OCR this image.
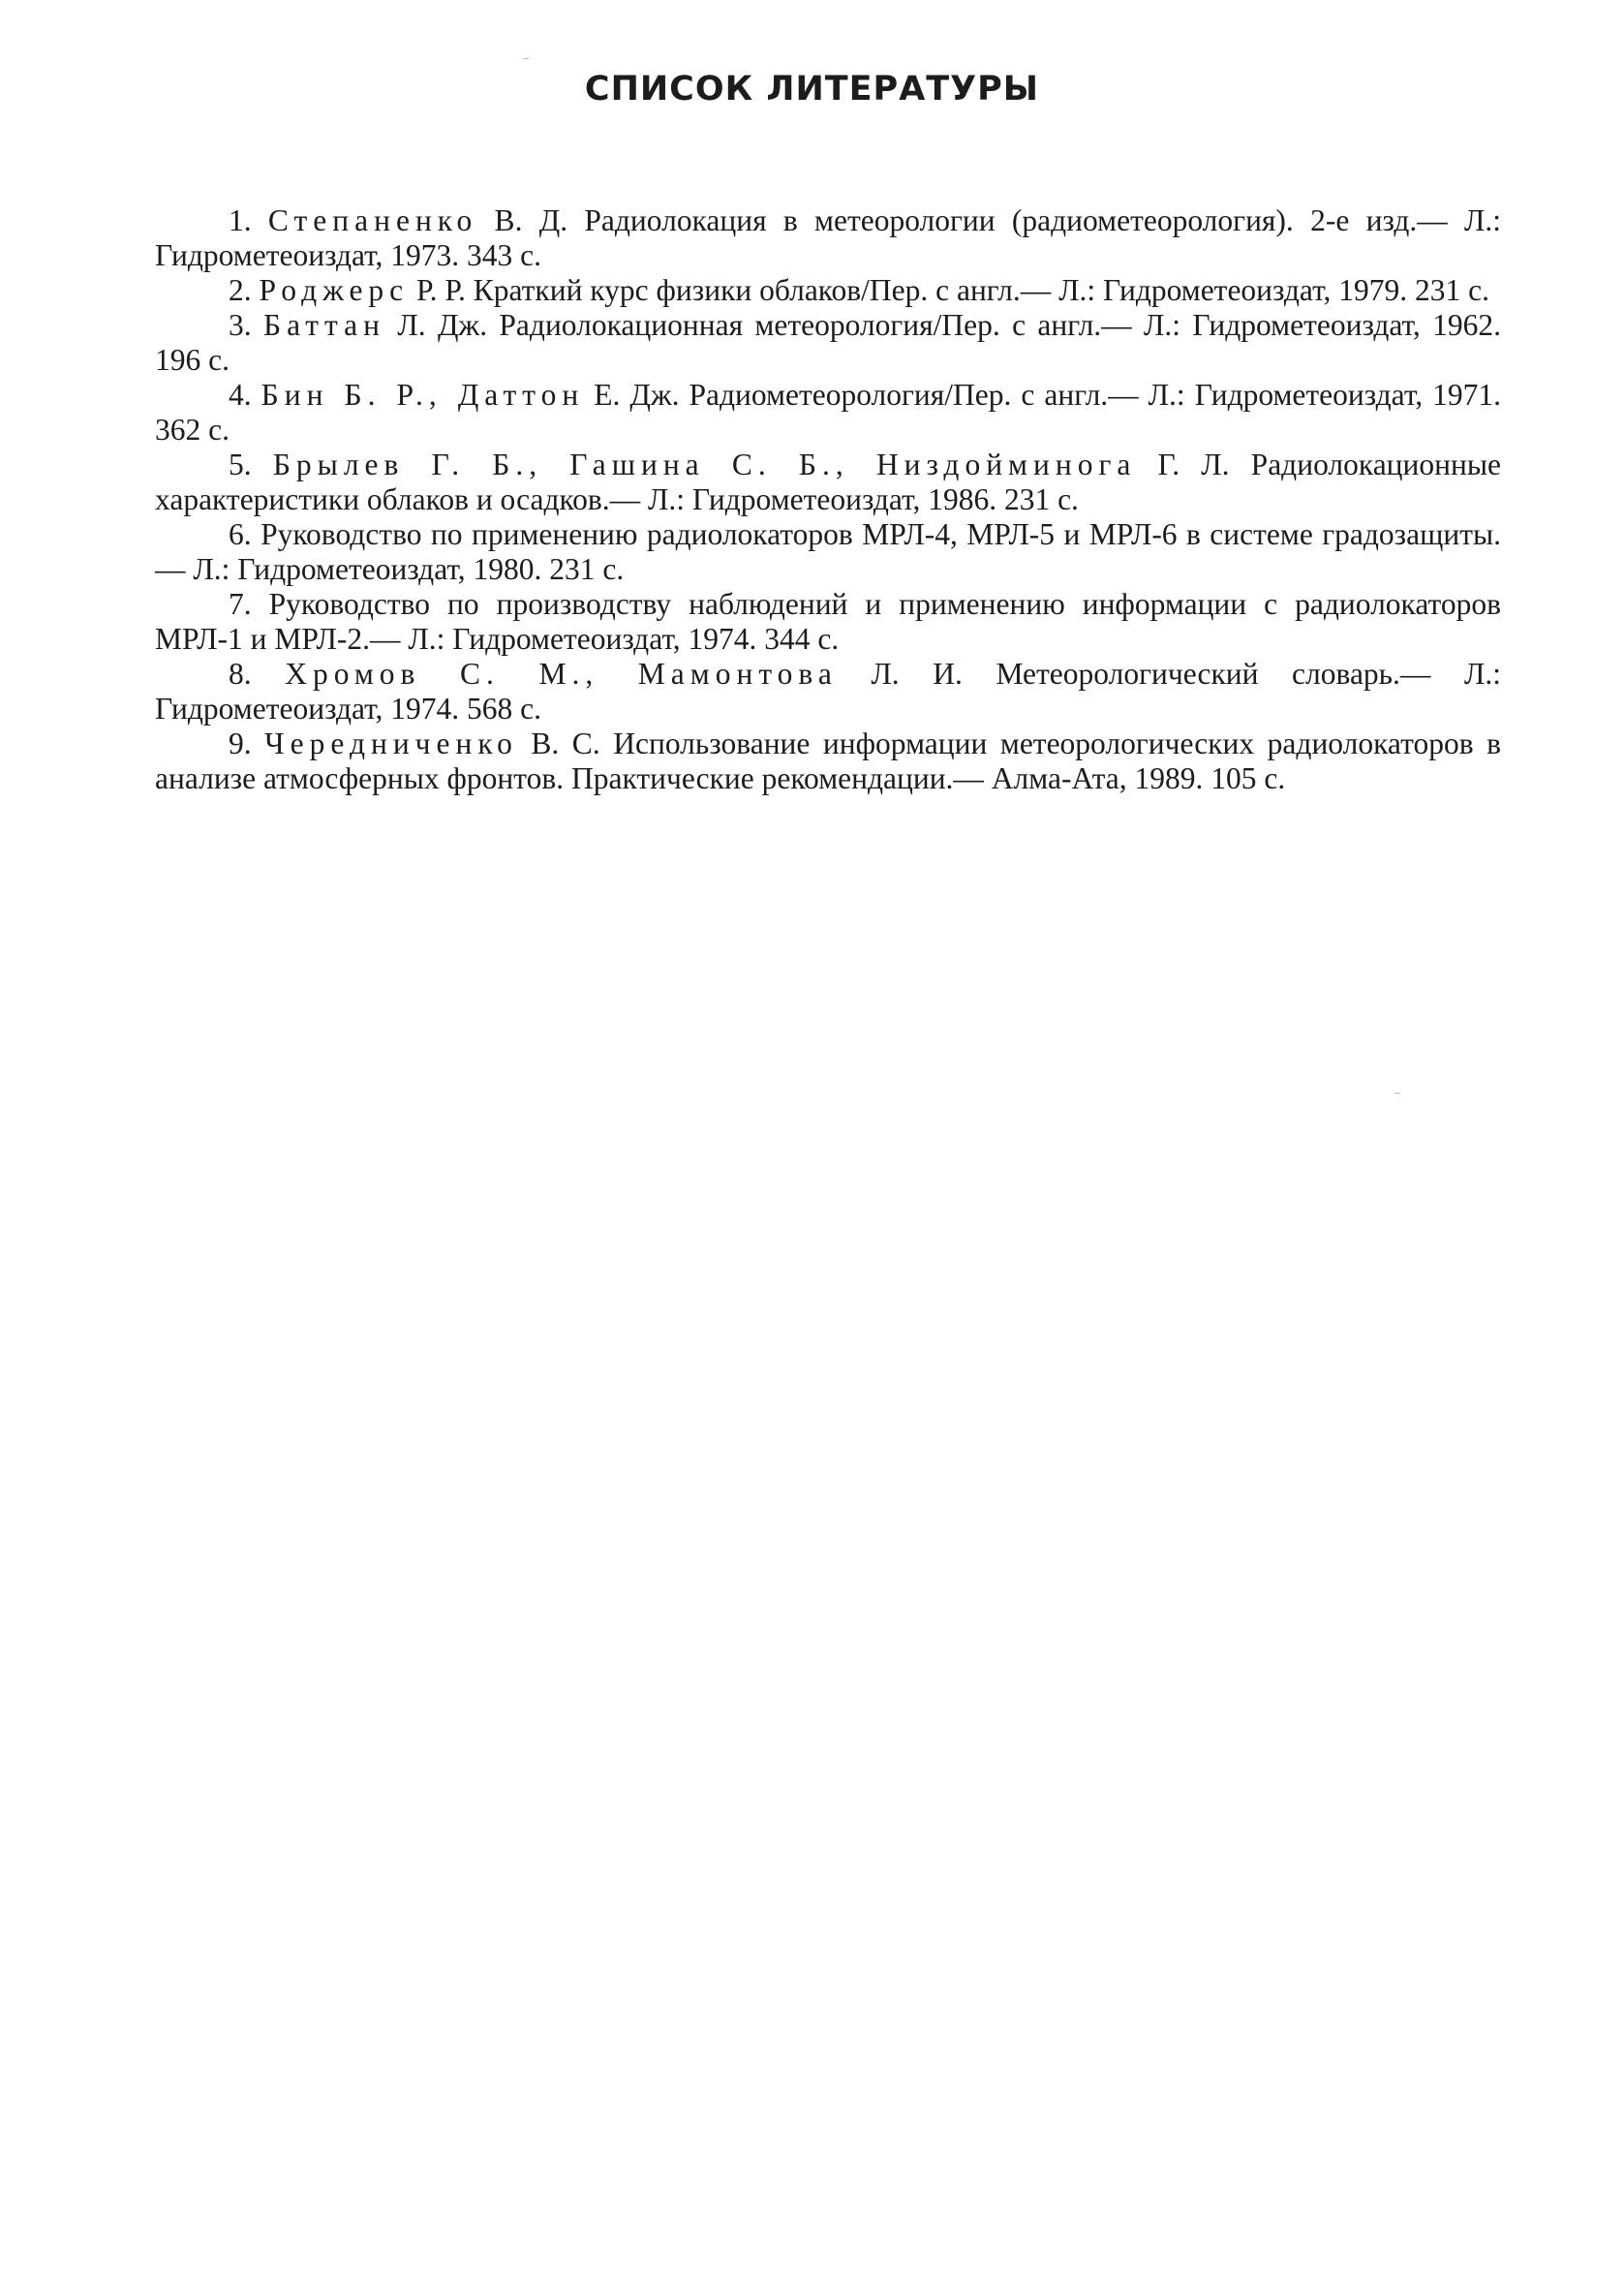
СПИСОК ЛИТЕРАТУРЫ
1. Степаненко В. Д. Радиолокация в метеорологии (радиометеорология). 2-е изд.— Л.: Гидрометеоиздат, 1973. 343 с.
2. Роджерс Р. Р. Краткий курс физики облаков/Пер. с англ.— Л.: Гидрометеоиздат, 1979. 231 с.
3. Баттан Л. Дж. Радиолокационная метеорология/Пер. с англ.— Л.: Гидрометеоиздат, 1962. 196 с.
4. Бин Б. Р., Даттон Е. Дж. Радиометеорология/Пер. с англ.— Л.: Гидрометеоиздат, 1971. 362 с.
5. Брылев Г. Б., Гашина С. Б., Низдойминога Г. Л. Радиолокационные характеристики облаков и осадков.— Л.: Гидрометеоиздат, 1986. 231 с.
6. Руководство по применению радиолокаторов МРЛ-4, МРЛ-5 и МРЛ-6 в системе градозащиты.— Л.: Гидрометеоиздат, 1980. 231 с.
7. Руководство по производству наблюдений и применению информации с радиолокаторов МРЛ-1 и МРЛ-2.— Л.: Гидрометеоиздат, 1974. 344 с.
8. Хромов С. М., Мамонтова Л. И. Метеорологический словарь.— Л.: Гидрометеоиздат, 1974. 568 с.
9. Чередниченко В. С. Использование информации метеорологических радиолокаторов в анализе атмосферных фронтов. Практические рекомендации.— Алма-Ата, 1989. 105 с.
